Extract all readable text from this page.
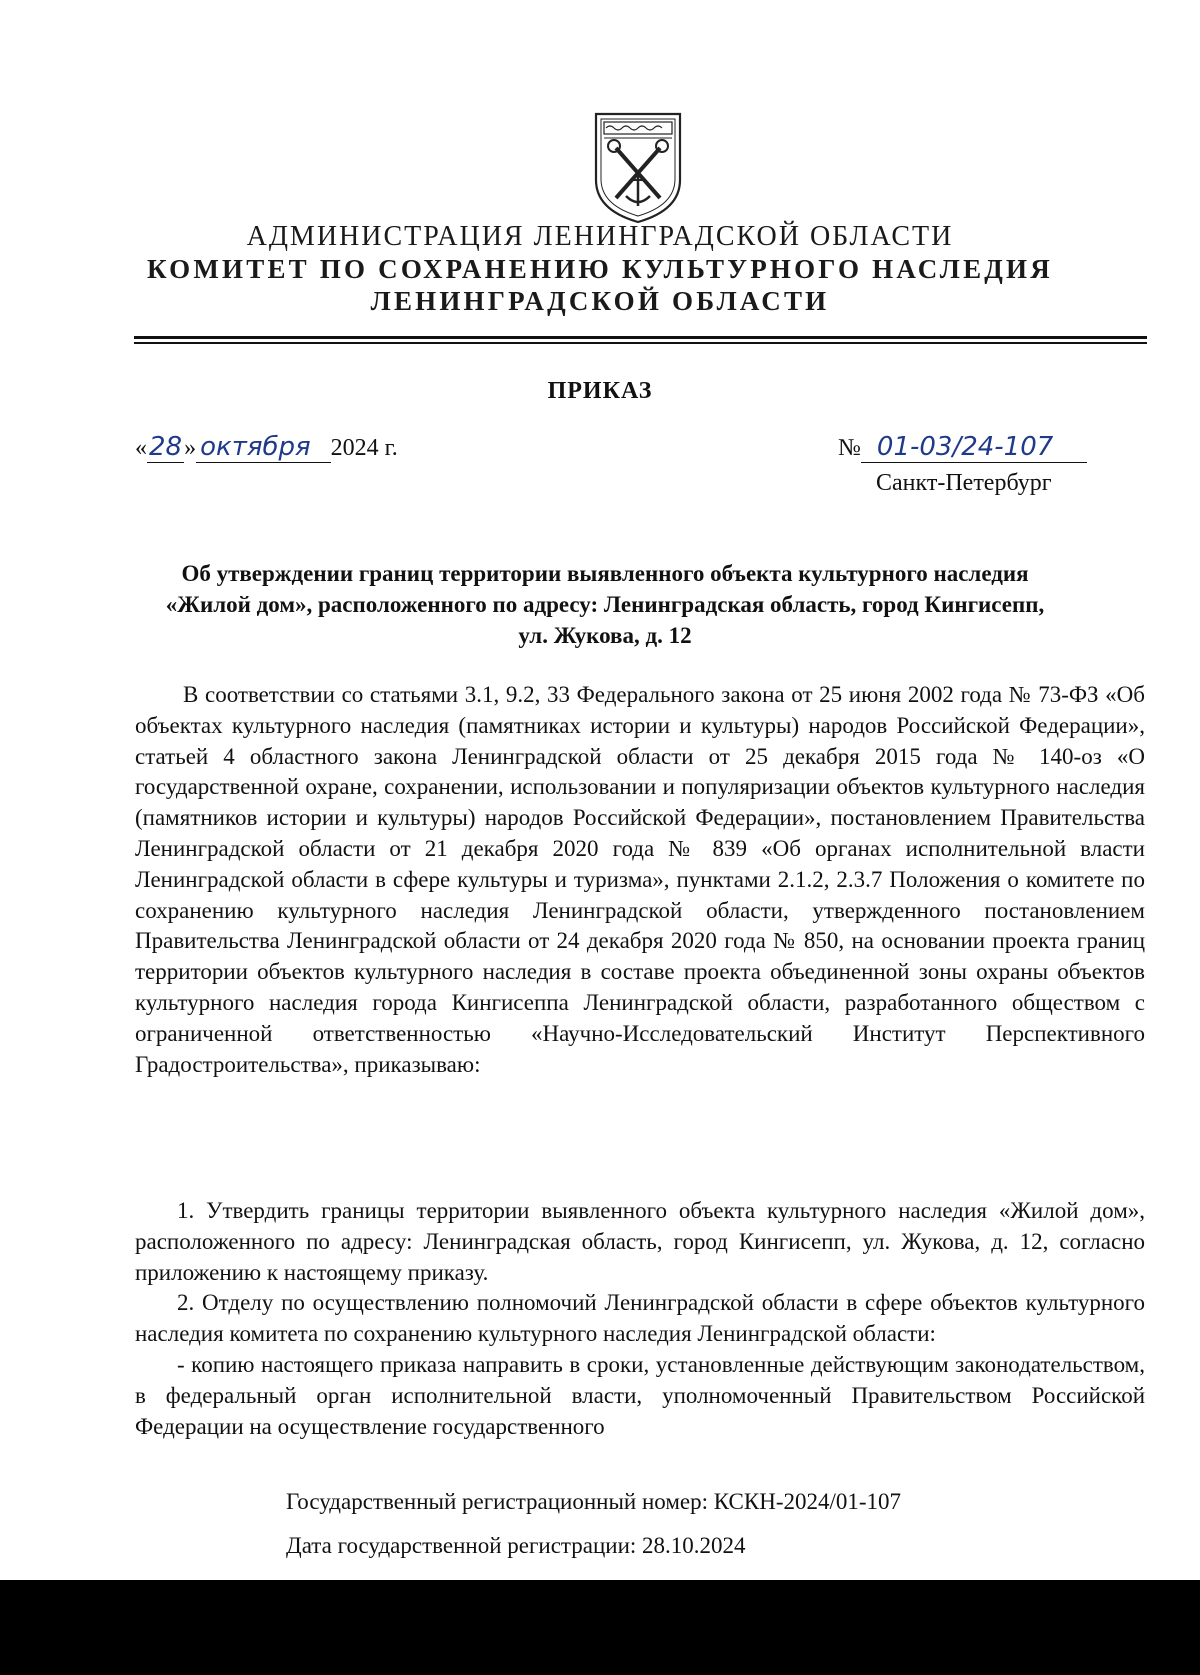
АДМИНИСТРАЦИЯ ЛЕНИНГРАДСКОЙ ОБЛАСТИ
КОМИТЕТ ПО СОХРАНЕНИЮ КУЛЬТУРНОГО НАСЛЕДИЯ
ЛЕНИНГРАДСКОЙ ОБЛАСТИ
ПРИКАЗ
«28» октября 2024 г.	№ 01-03/24-107
Санкт-Петербург
Об утверждении границ территории выявленного объекта культурного наследия «Жилой дом», расположенного по адресу: Ленинградская область, город Кингисепп, ул. Жукова, д. 12

В соответствии со статьями 3.1, 9.2, 33 Федерального закона от 25 июня 2002 года № 73-ФЗ «Об объектах культурного наследия (памятниках истории и культуры) народов Российской Федерации», статьей 4 областного закона Ленинградской области от 25 декабря 2015 года № 140-оз «О государственной охране, сохранении, использовании и популяризации объектов культурного наследия (памятников истории и культуры) народов Российской Федерации», постановлением Правительства Ленинградской области от 21 декабря 2020 года № 839 «Об органах исполнительной власти Ленинградской области в сфере культуры и туризма», пунктами 2.1.2, 2.3.7 Положения о комитете по сохранению культурного наследия Ленинградской области, утвержденного постановлением Правительства Ленинградской области от 24 декабря 2020 года № 850, на основании проекта границ территории объектов культурного наследия в составе проекта объединенной зоны охраны объектов культурного наследия города Кингисеппа Ленинградской области, разработанного обществом с ограниченной ответственностью «Научно-Исследовательский Институт Перспективного Градостроительства», приказываю:

1. Утвердить границы территории выявленного объекта культурного наследия «Жилой дом», расположенного по адресу: Ленинградская область, город Кингисепп, ул. Жукова, д. 12, согласно приложению к настоящему приказу.

2. Отделу по осуществлению полномочий Ленинградской области в сфере объектов культурного наследия комитета по сохранению культурного наследия Ленинградской области:

- копию настоящего приказа направить в сроки, установленные действующим законодательством, в федеральный орган исполнительной власти, уполномоченный Правительством Российской Федерации на осуществление государственного

Государственный регистрационный номер: КСКН-2024/01-107
Дата государственной регистрации: 28.10.2024
